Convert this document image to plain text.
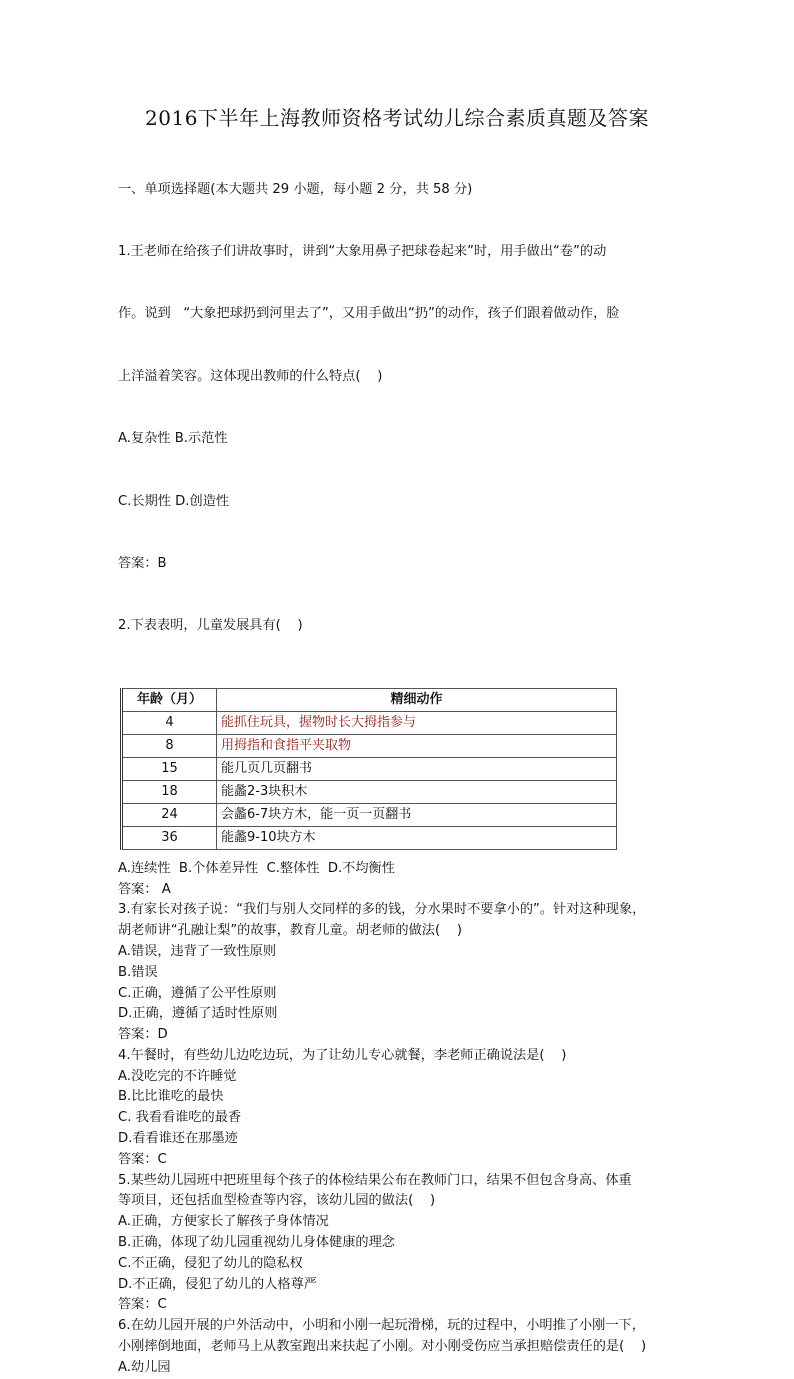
2016下半年上海教师资格考试幼儿综合素质真题及答案

一、单项选择题(本大题共 29 小题，每小题 2 分，共 58 分)

1.王老师在给孩子们讲故事时，讲到“大象用鼻子把球卷起来”时，用手做出“卷”的动

作。说到   “大象把球扔到河里去了”，又用手做出“扔”的动作，孩子们跟着做动作，脸

上洋溢着笑容。这体现出教师的什么特点(    )

A.复杂性 B.示范性

C.长期性 D.创造性

答案：B

2.下表表明，儿童发展具有(    )

年龄（月）	精细动作
4	能抓住玩具，握物时长大拇指参与
8	用拇指和食指平夹取物
15	能几页几页翻书
18	能蠡2-3块积木
24	会蠡6-7块方木，能一页一页翻书
36	能蠡9-10块方木
A.连续性  B.个体差异性  C.整体性  D.不均衡性
答案： A
3.有家长对孩子说：“我们与别人交同样的多的钱，分水果时不要拿小的”。针对这种现象，
胡老师讲“孔融让梨”的故事，教育儿童。胡老师的做法(    )
A.错误，违背了一致性原则
B.错误
C.正确，遵循了公平性原则
D.正确，遵循了适时性原则
答案：D
4.午餐时，有些幼儿边吃边玩，为了让幼儿专心就餐，李老师正确说法是(    )
A.没吃完的不许睡觉
B.比比谁吃的最快
C. 我看看谁吃的最香
D.看看谁还在那墨迹
答案：C
5.某些幼儿园班中把班里每个孩子的体检结果公布在教师门口，结果不但包含身高、体重
等项目，还包括血型检查等内容，该幼儿园的做法(    )
A.正确，方便家长了解孩子身体情况
B.正确，体现了幼儿园重视幼儿身体健康的理念
C.不正确，侵犯了幼儿的隐私权
D.不正确，侵犯了幼儿的人格尊严
答案：C
6.在幼儿园开展的户外活动中，小明和小刚一起玩滑梯，玩的过程中，小明推了小刚一下，
小刚摔倒地面，老师马上从教室跑出来扶起了小刚。对小刚受伤应当承担赔偿责任的是(    )
A.幼儿园
